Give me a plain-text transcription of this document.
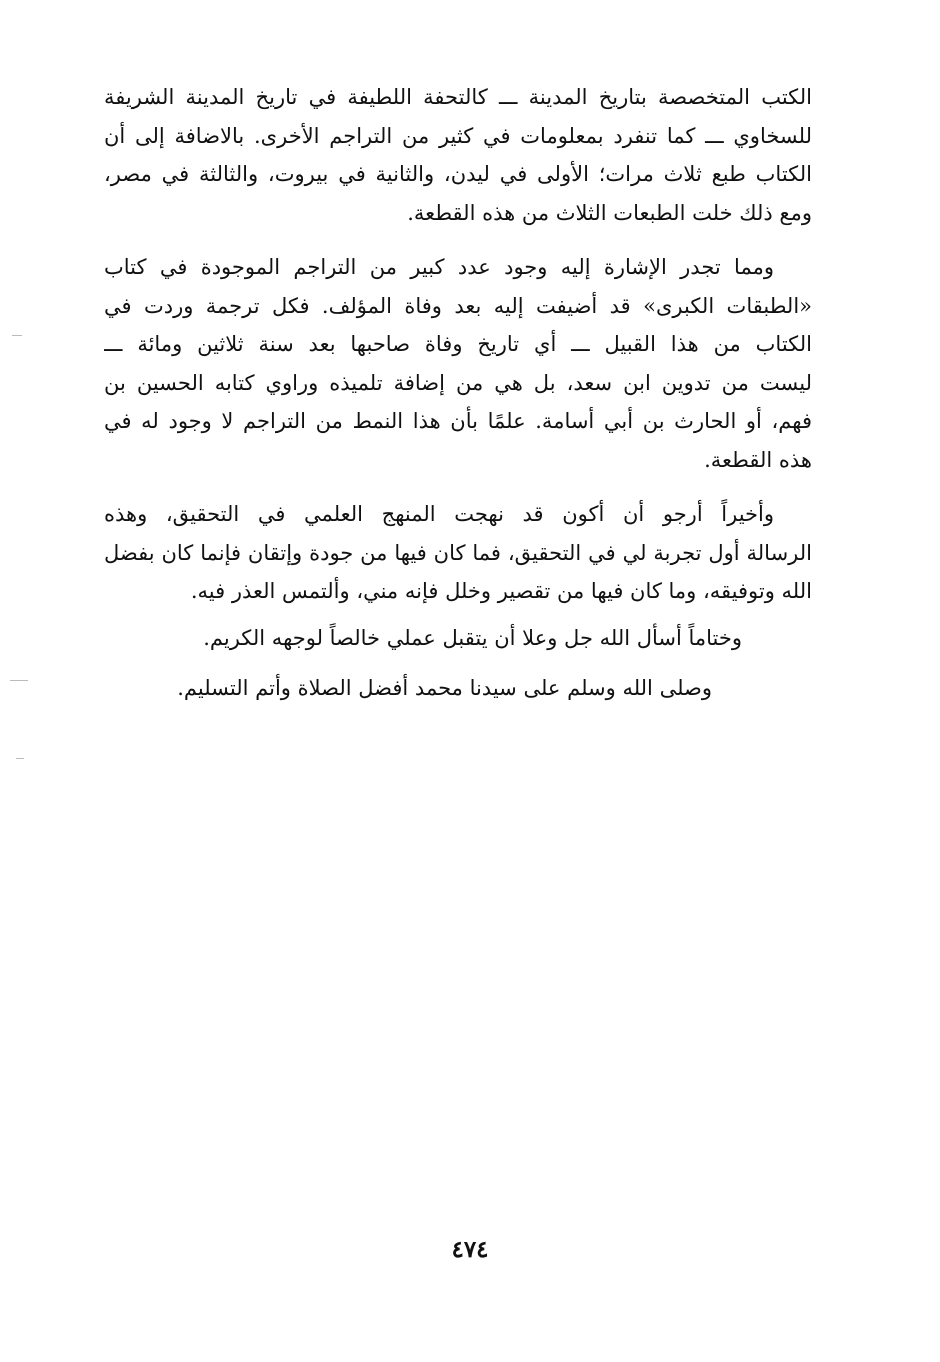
الكتب المتخصصة بتاريخ المدينة ـــ كالتحفة اللطيفة في تاريخ المدينة الشريفة
للسخاوي ـــ كما تنفرد بمعلومات في كثير من التراجم الأخرى. بالاضافة إلى أن
الكتاب طبع ثلاث مرات؛ الأولى في ليدن، والثانية في بيروت، والثالثة في مصر،
ومع ذلك خلت الطبعات الثلاث من هذه القطعة.
ومما تجدر الإشارة إليه وجود عدد كبير من التراجم الموجودة في كتاب
«الطبقات الكبرى» قد أضيفت إليه بعد وفاة المؤلف. فكل ترجمة وردت في
الكتاب من هذا القبيل ـــ أي تاريخ وفاة صاحبها بعد سنة ثلاثين ومائة ـــ
ليست من تدوين ابن سعد، بل هي من إضافة تلميذه وراوي كتابه الحسين بن
فهم، أو الحارث بن أبي أسامة. علمًا بأن هذا النمط من التراجم لا وجود له في
هذه القطعة.
وأخيراً أرجو أن أكون قد نهجت المنهج العلمي في التحقيق، وهذه
الرسالة أول تجربة لي في التحقيق، فما كان فيها من جودة وإتقان فإنما كان بفضل
الله وتوفيقه، وما كان فيها من تقصير وخلل فإنه مني، وألتمس العذر فيه.
وختاماً أسأل الله جل وعلا أن يتقبل عملي خالصاً لوجهه الكريم.
وصلى الله وسلم على سيدنا محمد أفضل الصلاة وأتم التسليم.
٤٧٤
